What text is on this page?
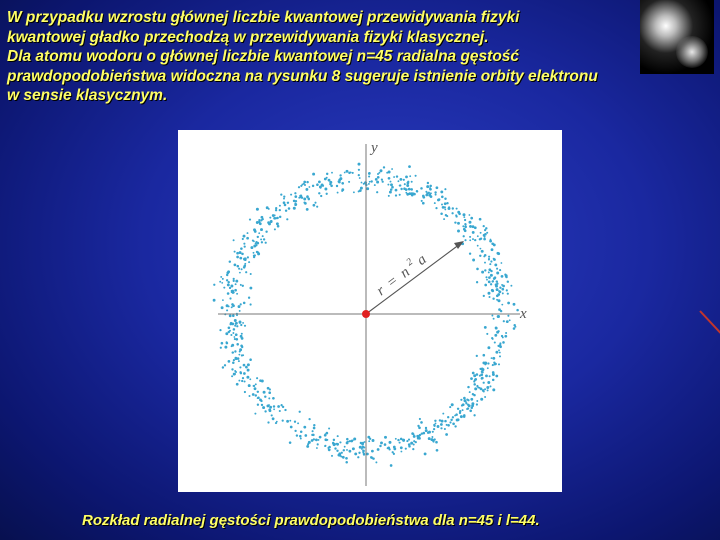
W przypadku wzrostu głównej liczbie kwantowej przewidywania fizyki
kwantowej gładko przechodzą w przewidywania fizyki klasycznej.
Dla atomu wodoru o głównej liczbie kwantowej n=45 radialna gęstość
prawdopodobieństwa widoczna na rysunku 8 sugeruje istnienie orbity elektronu
w sensie klasycznym.
y
x
r = n $^2$ a
Rozkład radialnej gęstości prawdopodobieństwa dla n=45 i l=44.
